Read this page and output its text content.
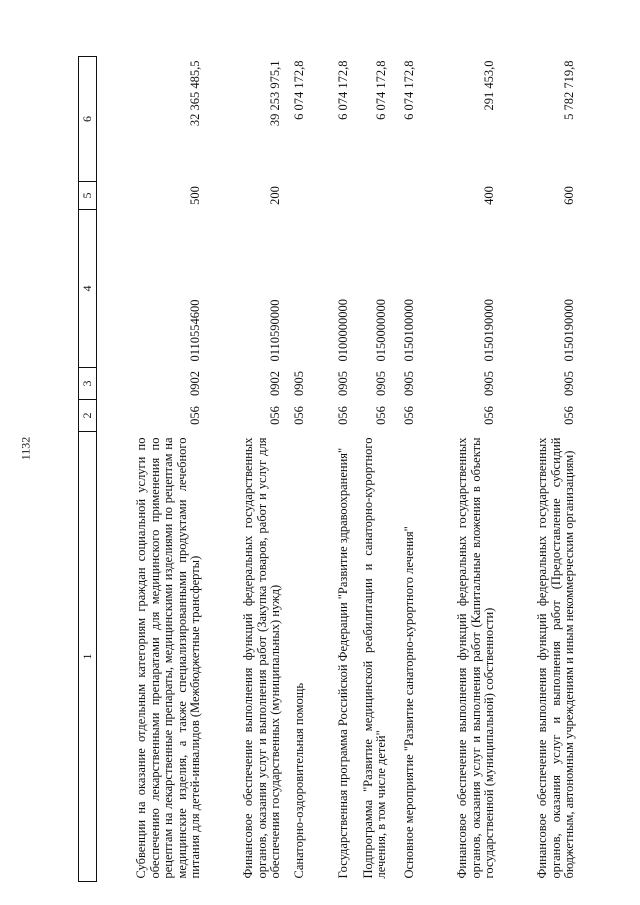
1132
1	2	3	4	5	6
Субвенции на оказание отдельным категориям граждан социальной услуги по обеспечению лекарственными препаратами для медицинского применения по рецептам на лекарственные препараты, медицинскими изделиями по рецептам на медицинские изделия, а также специализированными продуктами лечебного питания для детей-инвалидов (Межбюджетные трансферты)	056	0902	0110554600	500	32 365 485,5
Финансовое обеспечение выполнения функций федеральных государственных органов, оказания услуг и выполнения работ (Закупка товаров, работ и услуг для обеспечения государственных (муниципальных) нужд)	056	0902	0110590000	200	39 253 975,1
Санаторно-оздоровительная помощь	056	0905			6 074 172,8
Государственная программа Российской Федерации "Развитие здравоохранения"	056	0905	0100000000		6 074 172,8
Подпрограмма "Развитие медицинской реабилитации и санаторно-курортного лечения, в том числе детей"	056	0905	0150000000		6 074 172,8
Основное мероприятие "Развитие санаторно-курортного лечения"	056	0905	0150100000		6 074 172,8
Финансовое обеспечение выполнения функций федеральных государственных органов, оказания услуг и выполнения работ (Капитальные вложения в объекты государственной (муниципальной) собственности)	056	0905	0150190000	400	291 453,0
Финансовое обеспечение выполнения функций федеральных государственных органов, оказания услуг и выполнения работ (Предоставление субсидий бюджетным, автономным учреждениям и иным некоммерческим организациям)	056	0905	0150190000	600	5 782 719,8
